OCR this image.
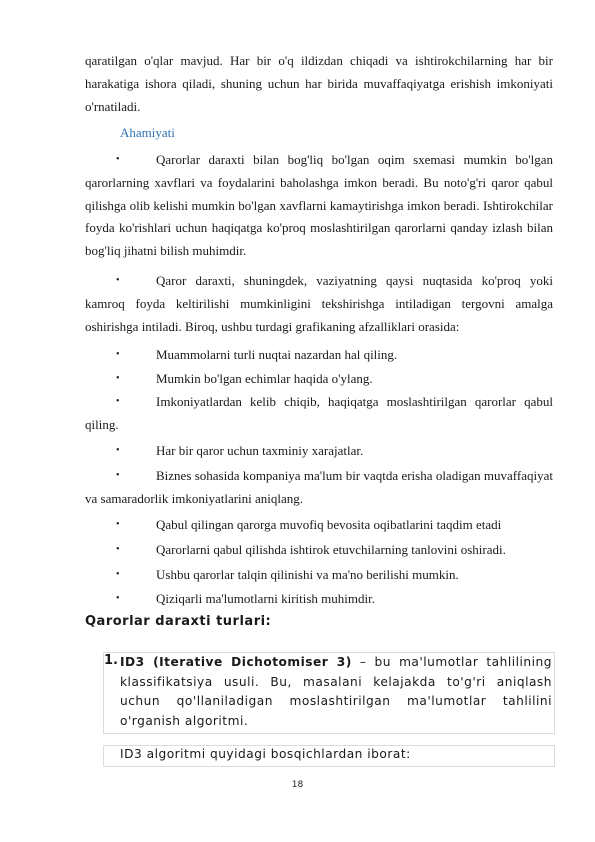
qaratilgan o'qlar mavjud. Har bir o'q ildizdan chiqadi va ishtirokchilarning har bir harakatiga ishora qiladi, shuning uchun har birida muvaffaqiyatga erishish imkoniyati o'rnatiladi.
Ahamiyati
•	Qarorlar daraxti bilan bog'liq bo'lgan oqim sxemasi mumkin bo'lgan qarorlarning xavflari va foydalarini baholashga imkon beradi. Bu noto'g'ri qaror qabul qilishga olib kelishi mumkin bo'lgan xavflarni kamaytirishga imkon beradi. Ishtirokchilar foyda ko'rishlari uchun haqiqatga ko'proq moslashtirilgan qarorlarni qanday izlash bilan bog'liq jihatni bilish muhimdir.
•	Qaror daraxti, shuningdek, vaziyatning qaysi nuqtasida ko'proq yoki kamroq foyda keltirilishi mumkinligini tekshirishga intiladigan tergovni amalga oshirishga intiladi. Biroq, ushbu turdagi grafikaning afzalliklari orasida:
•	Muammolarni turli nuqtai nazardan hal qiling.
•	Mumkin bo'lgan echimlar haqida o'ylang.
•	Imkoniyatlardan kelib chiqib, haqiqatga moslashtirilgan qarorlar qabul qiling.
•	Har bir qaror uchun taxminiy xarajatlar.
•	Biznes sohasida kompaniya ma'lum bir vaqtda erisha oladigan muvaffaqiyat va samaradorlik imkoniyatlarini aniqlang.
•	Qabul qilingan qarorga muvofiq bevosita oqibatlarini taqdim etadi
•	Qarorlarni qabul qilishda ishtirok etuvchilarning tanlovini oshiradi.
•	Ushbu qarorlar talqin qilinishi va ma'no berilishi mumkin.
•	Qiziqarli ma'lumotlarni kiritish muhimdir.
Qarorlar daraxti turlari:
1. ID3 (Iterative Dichotomiser 3) – bu ma'lumotlar tahlilining klassifikatsiya usuli. Bu, masalani kelajakda to'g'ri aniqlash uchun qo'llaniladigan moslashtirilgan ma'lumotlar tahlilini o'rganish algoritmi.
ID3 algoritmi quyidagi bosqichlardan iborat:
18
